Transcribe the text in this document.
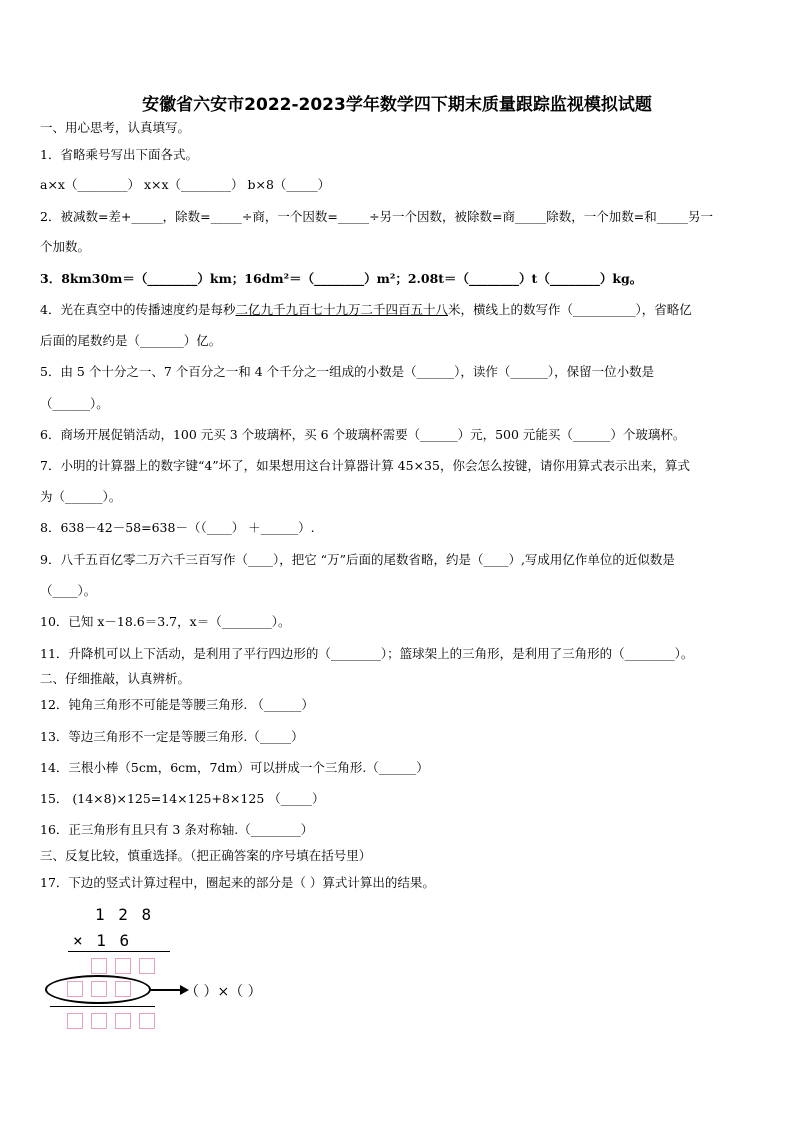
安徽省六安市2022-2023学年数学四下期末质量跟踪监视模拟试题
一、用心思考，认真填写。
1．省略乘号写出下面各式。
a×x（________） x×x（________） b×8（_____）
2．被减数=差+_____，除数=_____÷商，一个因数=_____÷另一个因数，被除数=商_____除数，一个加数=和_____另一
个加数。
3．8km30m＝（________）km；16dm²＝（________）m²；2.08t＝（________）t（________）kg。
4．光在真空中的传播速度约是每秒二亿九千九百七十九万二千四百五十八米，横线上的数写作（__________），省略亿
后面的尾数约是（_______）亿。
5．由 5 个十分之一、7 个百分之一和 4 个千分之一组成的小数是（______），读作（______），保留一位小数是
（______）。
6．商场开展促销活动，100 元买 3 个玻璃杯，买 6 个玻璃杯需要（______）元，500 元能买（______）个玻璃杯。
7．小明的计算器上的数字键“4”坏了，如果想用这台计算器计算 45×35，你会怎么按键，请你用算式表示出来，算式
为（______）。
8．638－42－58=638－（（____） ＋______）.
9．八千五百亿零二万六千三百写作（____），把它 “万”后面的尾数省略，约是（____）,写成用亿作单位的近似数是
（____）。
10．已知 x－18.6＝3.7，x＝（________）。
11．升降机可以上下活动，是利用了平行四边形的（________）；篮球架上的三角形，是利用了三角形的（________）。
二、仔细推敲，认真辨析。
12．钝角三角形不可能是等腰三角形. （______）
13．等边三角形不一定是等腰三角形.（_____）
14．三根小棒（5cm，6cm，7dm）可以拼成一个三角形.（______）
15． (14×8)×125=14×125+8×125 （_____）
16．正三角形有且只有 3 条对称轴.（________）
三、反复比较，慎重选择。（把正确答案的序号填在括号里）
17．下边的竖式计算过程中，圈起来的部分是（ ）算式计算出的结果。
1 2 8
× 1 6
（ ）×（ ）
